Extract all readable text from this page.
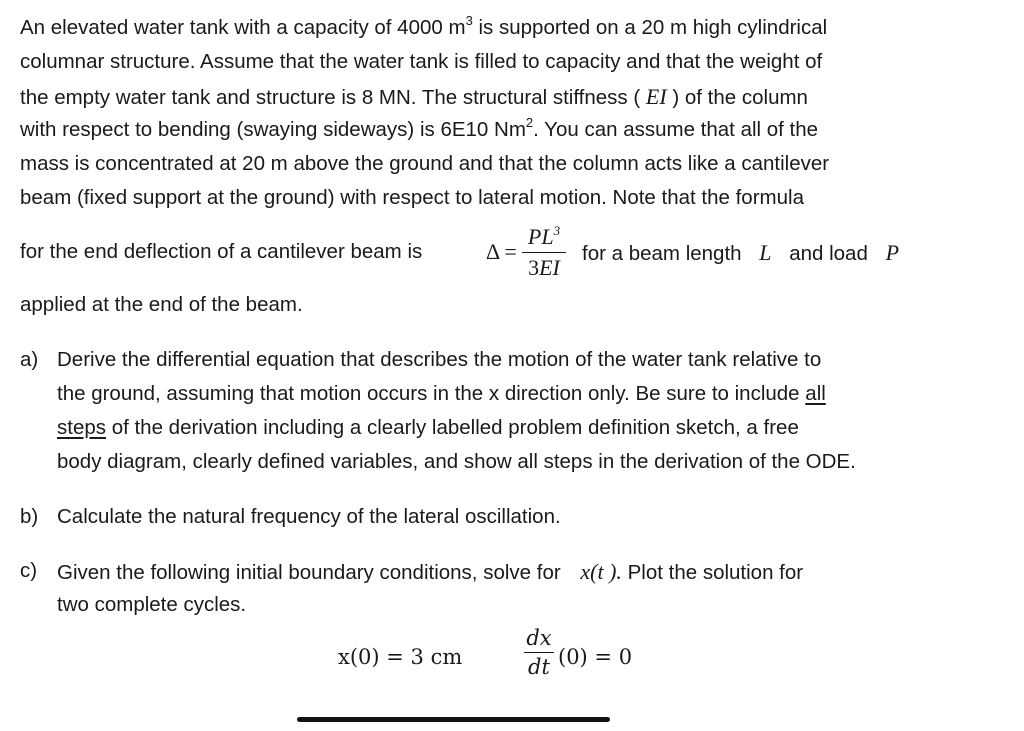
An elevated water tank with a capacity of 4000 $m^3$ is supported on a 20 m high cylindrical
columnar structure. Assume that the water tank is filled to capacity and that the weight of
the empty water tank and structure is 8 MN. The structural stiffness ( EI ) of the column
with respect to bending (swaying sideways) is 6E10 Nm$^2$. You can assume that all of the
mass is concentrated at 20 m above the ground and that the column acts like a cantilever
beam (fixed support at the ground) with respect to lateral motion. Note that the formula
for the end deflection of a cantilever beam is	Δ =
$PL^3$
3EI
for a beam length L and load P
applied at the end of the beam.
a) Derive the differential equation that describes the motion of the water tank relative to
the ground, assuming that motion occurs in the x direction only. Be sure to include all
steps of the derivation including a clearly labelled problem definition sketch, a free
body diagram, clearly defined variables, and show all steps in the derivation of the ODE.
b) Calculate the natural frequency of the lateral oscillation.
c) Given the following initial boundary conditions, solve for x(t ). Plot the solution for
two complete cycles.
x(0) = 3 cm
dx
dt (0) = 0
